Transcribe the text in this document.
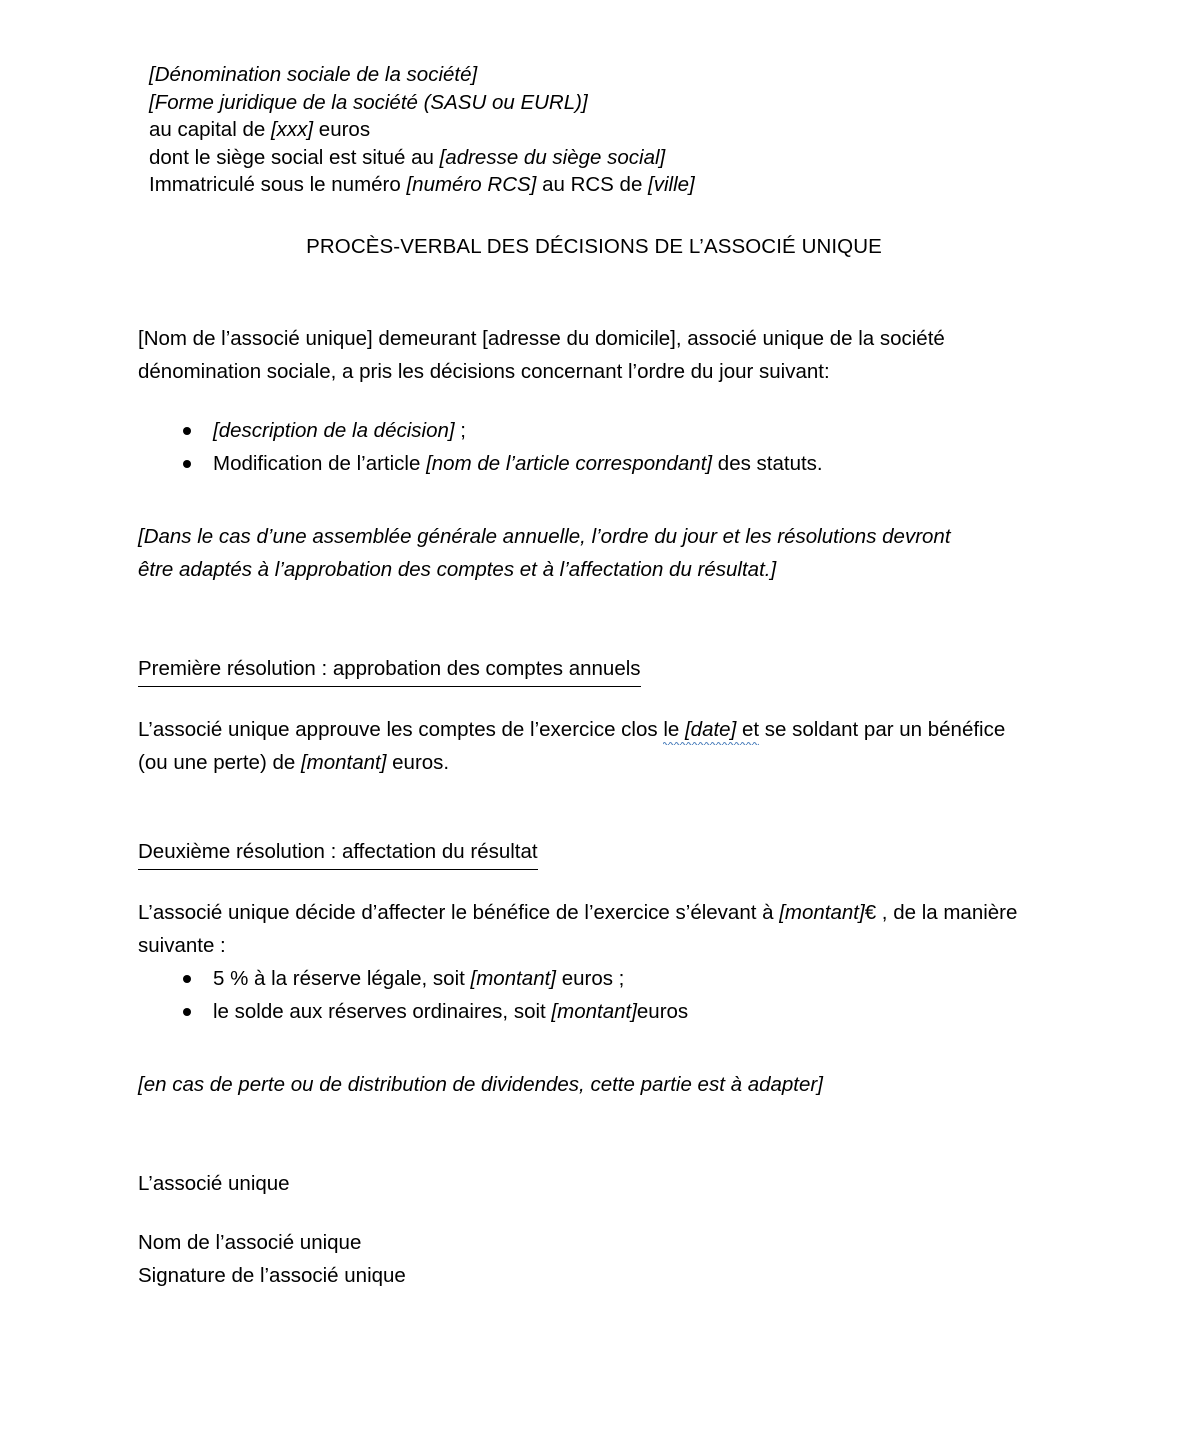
[Dénomination sociale de la société]
[Forme juridique de la société (SASU ou EURL)]
au capital de [xxx] euros
dont le siège social est situé au [adresse du siège social]
Immatriculé sous le numéro [numéro RCS] au RCS de [ville]
PROCÈS-VERBAL DES DÉCISIONS DE L’ASSOCIÉ UNIQUE

[Nom de l’associé unique] demeurant [adresse du domicile], associé unique de la société dénomination sociale, a pris les décisions concernant l’ordre du jour suivant:

[description de la décision] ;
Modification de l’article [nom de l’article correspondant] des statuts.

[Dans le cas d’une assemblée générale annuelle, l’ordre du jour et les résolutions devront
être adaptés à l’approbation des comptes et à l’affectation du résultat.]

Première résolution : approbation des comptes annuels

L’associé unique approuve les comptes de l’exercice clos le [date] et se soldant par un bénéfice (ou une perte) de [montant] euros.

Deuxième résolution : affectation du résultat

L’associé unique décide d’affecter le bénéfice de l’exercice s’élevant à [montant]€ , de la manière suivante :

5 % à la réserve légale, soit [montant] euros ;
le solde aux réserves ordinaires, soit [montant]euros

[en cas de perte ou de distribution de dividendes, cette partie est à adapter]

L’associé unique
Nom de l’associé unique
Signature de l’associé unique
